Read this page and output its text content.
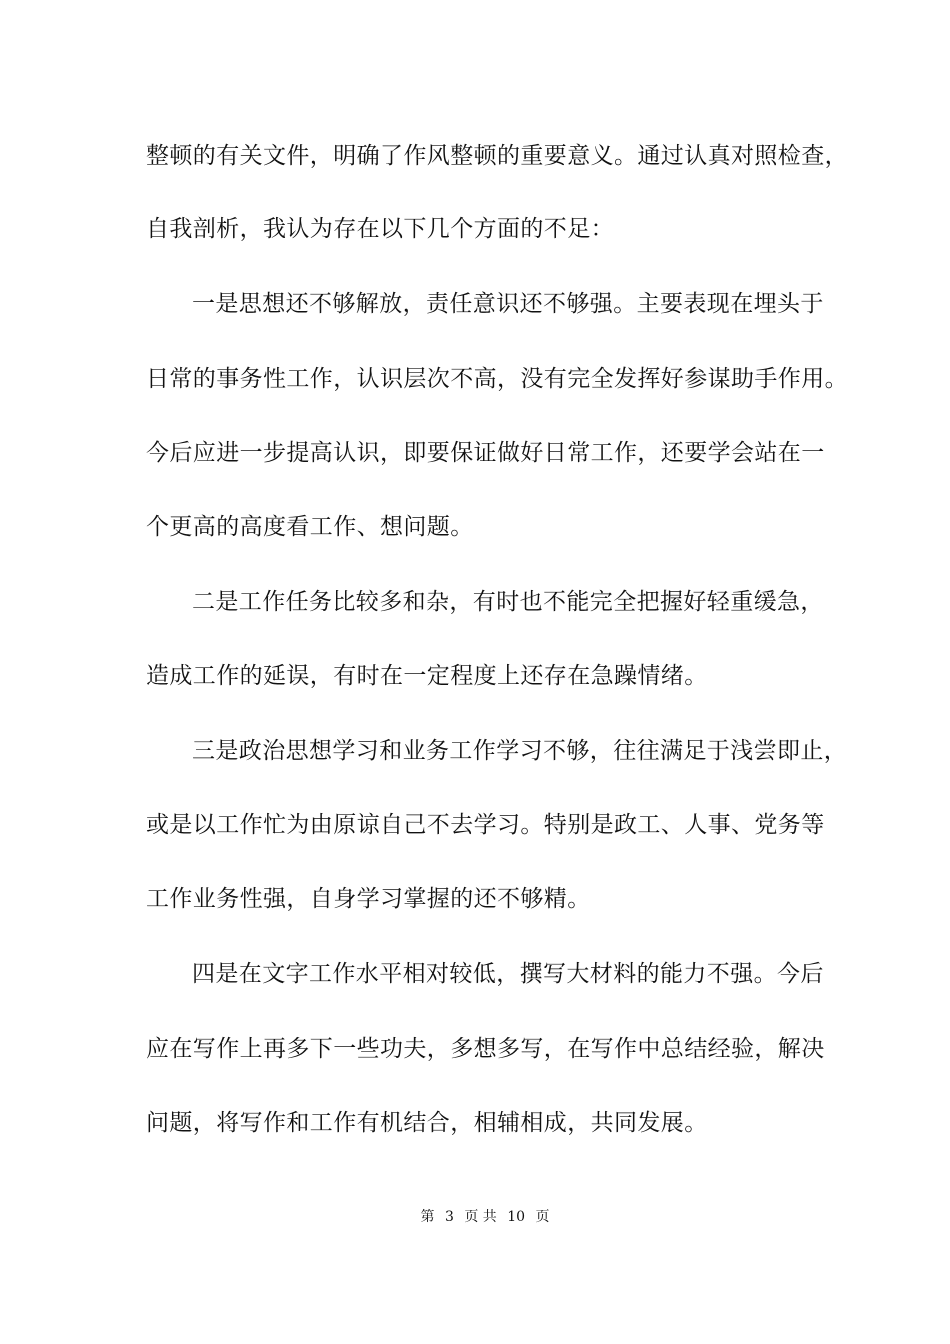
整顿的有关文件，明确了作风整顿的重要意义。通过认真对照检查，
自我剖析，我认为存在以下几个方面的不足：
一是思想还不够解放，责任意识还不够强。主要表现在埋头于
日常的事务性工作，认识层次不高，没有完全发挥好参谋助手作用。
今后应进一步提高认识，即要保证做好日常工作，还要学会站在一
个更高的高度看工作、想问题。
二是工作任务比较多和杂，有时也不能完全把握好轻重缓急，
造成工作的延误，有时在一定程度上还存在急躁情绪。
三是政治思想学习和业务工作学习不够，往往满足于浅尝即止，
或是以工作忙为由原谅自己不去学习。特别是政工、人事、党务等
工作业务性强，自身学习掌握的还不够精。
四是在文字工作水平相对较低，撰写大材料的能力不强。今后
应在写作上再多下一些功夫，多想多写，在写作中总结经验，解决
问题，将写作和工作有机结合，相辅相成，共同发展。
第 3 页 共 10 页
